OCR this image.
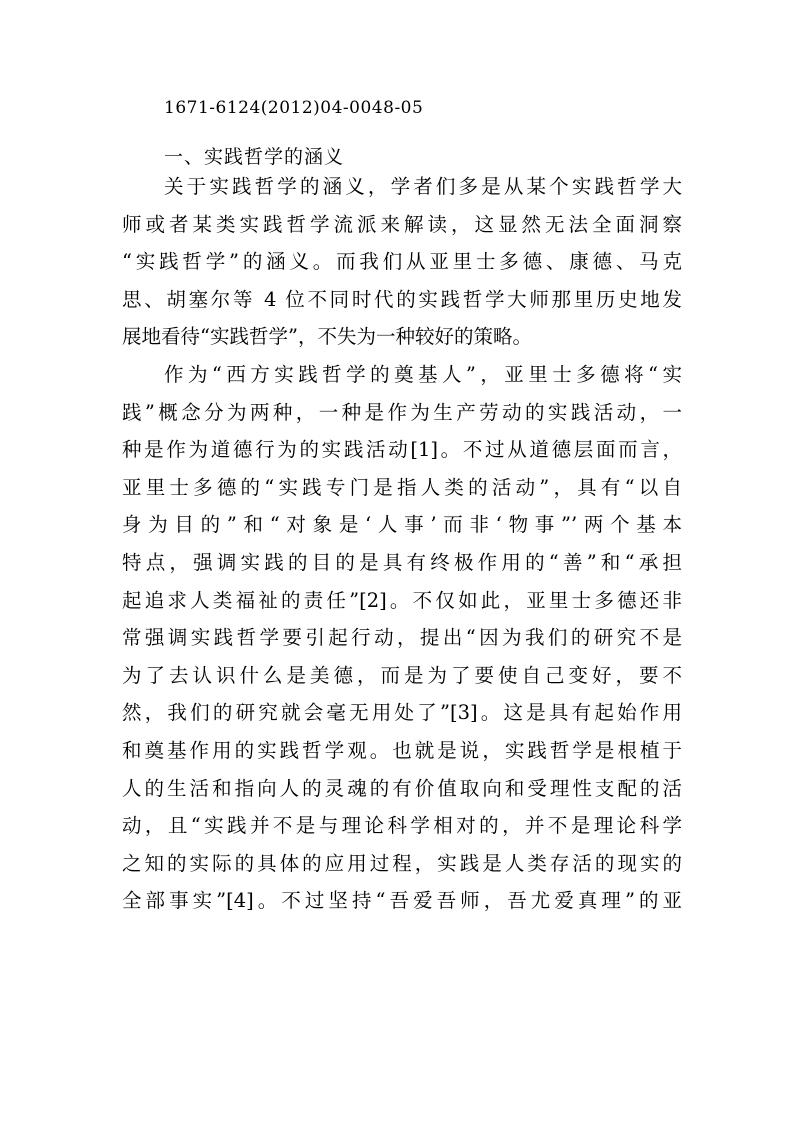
1671-6124(2012)04-0048-05
一、实践哲学的涵义
关于实践哲学的涵义，学者们多是从某个实践哲学大
师或者某类实践哲学流派来解读，这显然无法全面洞察
“实践哲学”的涵义。而我们从亚里士多德、康德、马克
思、胡塞尔等 4 位不同时代的实践哲学大师那里历史地发
展地看待“实践哲学”，不失为一种较好的策略。
作为“西方实践哲学的奠基人”，亚里士多德将“实
践”概念分为两种，一种是作为生产劳动的实践活动，一
种是作为道德行为的实践活动[1]。不过从道德层面而言，
亚里士多德的“实践专门是指人类的活动”，具有“以自
身为目的”和“对象是‘人事’而非‘物事”’两个基本
特点，强调实践的目的是具有终极作用的“善”和“承担
起追求人类福祉的责任”[2]。不仅如此，亚里士多德还非
常强调实践哲学要引起行动，提出“因为我们的研究不是
为了去认识什么是美德，而是为了要使自己变好，要不
然，我们的研究就会毫无用处了”[3]。这是具有起始作用
和奠基作用的实践哲学观。也就是说，实践哲学是根植于
人的生活和指向人的灵魂的有价值取向和受理性支配的活
动，且“实践并不是与理论科学相对的，并不是理论科学
之知的实际的具体的应用过程，实践是人类存活的现实的
全部事实”[4]。不过坚持“吾爱吾师，吾尤爱真理”的亚
